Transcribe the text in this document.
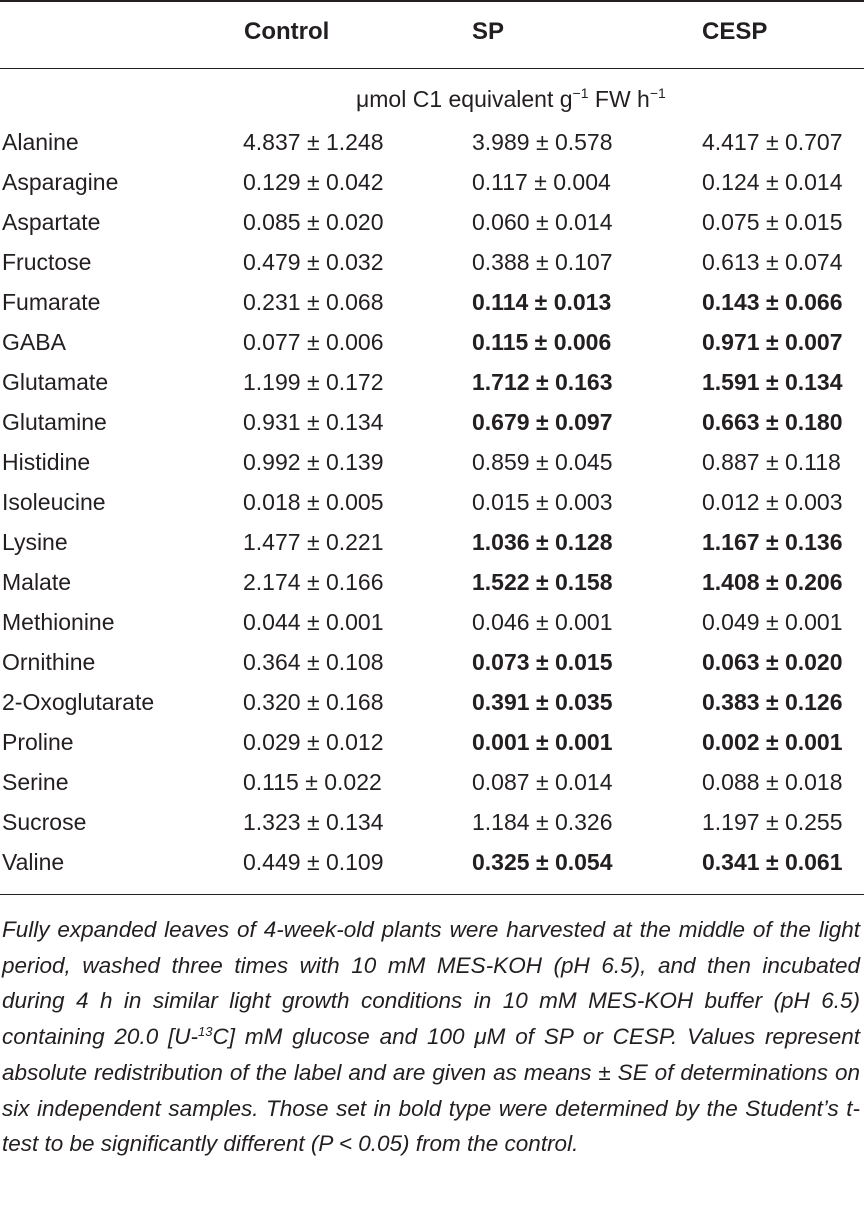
Control	SP	CESP
μmol C1 equivalent $g^{-1}$ FW $h^{-1}$
Alanine	4.837 ± 1.248	3.989 ± 0.578	4.417 ± 0.707
Asparagine	0.129 ± 0.042	0.117 ± 0.004	0.124 ± 0.014
Aspartate	0.085 ± 0.020	0.060 ± 0.014	0.075 ± 0.015
Fructose	0.479 ± 0.032	0.388 ± 0.107	0.613 ± 0.074
Fumarate	0.231 ± 0.068	0.114 ± 0.013	0.143 ± 0.066
GABA	0.077 ± 0.006	0.115 ± 0.006	0.971 ± 0.007
Glutamate	1.199 ± 0.172	1.712 ± 0.163	1.591 ± 0.134
Glutamine	0.931 ± 0.134	0.679 ± 0.097	0.663 ± 0.180
Histidine	0.992 ± 0.139	0.859 ± 0.045	0.887 ± 0.118
Isoleucine	0.018 ± 0.005	0.015 ± 0.003	0.012 ± 0.003
Lysine	1.477 ± 0.221	1.036 ± 0.128	1.167 ± 0.136
Malate	2.174 ± 0.166	1.522 ± 0.158	1.408 ± 0.206
Methionine	0.044 ± 0.001	0.046 ± 0.001	0.049 ± 0.001
Ornithine	0.364 ± 0.108	0.073 ± 0.015	0.063 ± 0.020
2-Oxoglutarate	0.320 ± 0.168	0.391 ± 0.035	0.383 ± 0.126
Proline	0.029 ± 0.012	0.001 ± 0.001	0.002 ± 0.001
Serine	0.115 ± 0.022	0.087 ± 0.014	0.088 ± 0.018
Sucrose	1.323 ± 0.134	1.184 ± 0.326	1.197 ± 0.255
Valine	0.449 ± 0.109	0.325 ± 0.054	0.341 ± 0.061
Fully expanded leaves of 4-week-old plants were harvested at the middle of the light period, washed three times with 10 mM MES-KOH (pH 6.5), and then incubated during 4 h in similar light growth conditions in 10 mM MES-KOH buffer (pH 6.5) containing 20.0 [U-$^{13}$C] mM glucose and 100 μM of SP or CESP. Values represent absolute redistribution of the label and are given as means ± SE of determinations on six independent samples. Those set in bold type were determined by the Student’s t-test to be significantly different (P < 0.05) from the control.
